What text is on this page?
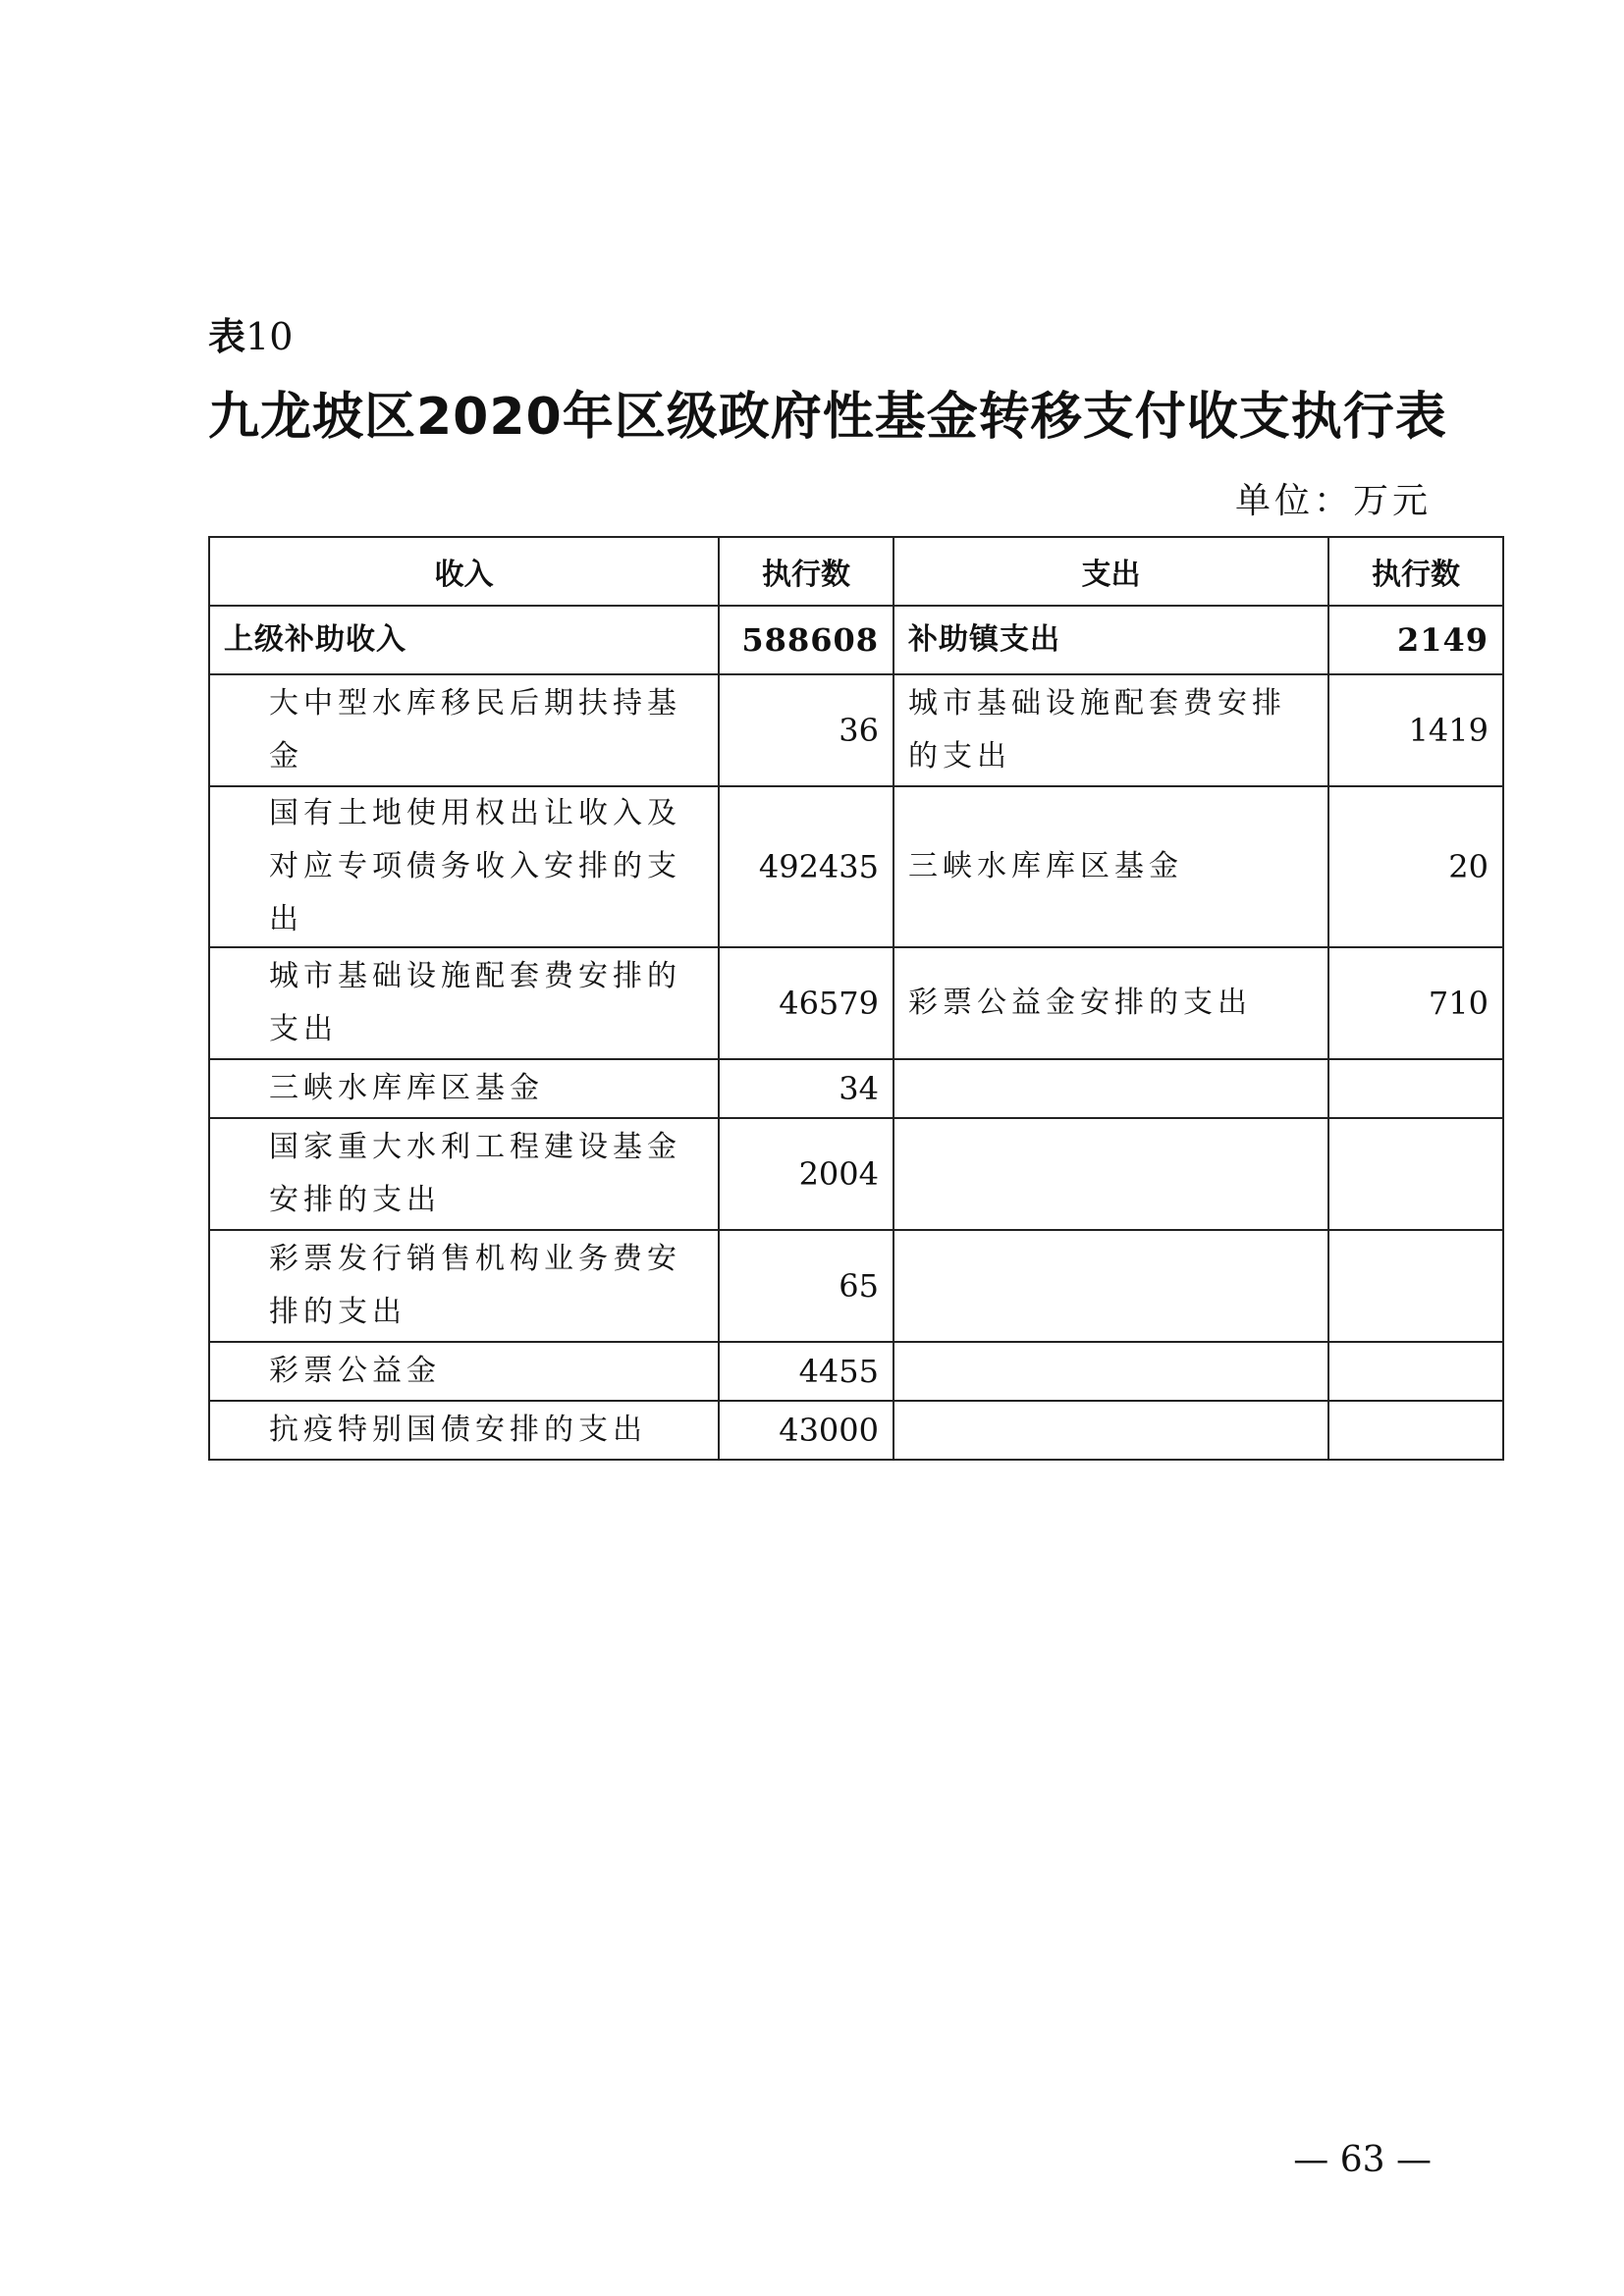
表10
九龙坡区2020年区级政府性基金转移支付收支执行表
单位：万元
收入	执行数	支出	执行数
上级补助收入	588608	补助镇支出	2149
大中型水库移民后期扶持基金	36	城市基础设施配套费安排的支出	1419
国有土地使用权出让收入及对应专项债务收入安排的支出	492435	三峡水库库区基金	20
城市基础设施配套费安排的支出	46579	彩票公益金安排的支出	710
三峡水库库区基金	34		
国家重大水利工程建设基金安排的支出	2004		
彩票发行销售机构业务费安排的支出	65		
彩票公益金	4455		
抗疫特别国债安排的支出	43000		
— 63 —
